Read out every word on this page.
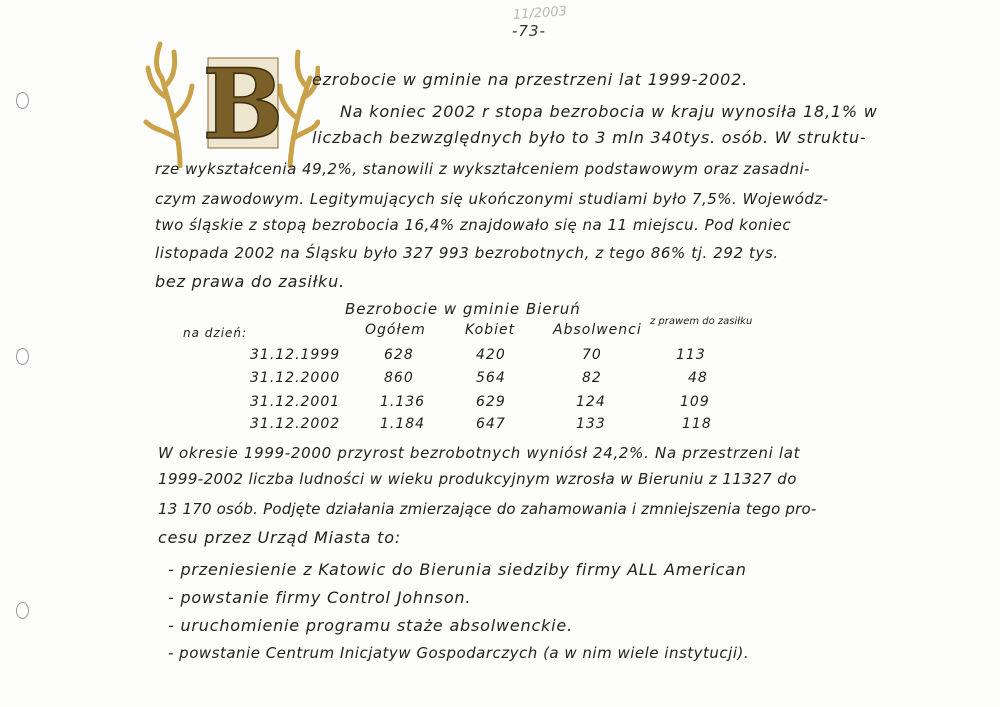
11/2003
-73-
B ezrobocie w gminie na przestrzeni lat 1999-2002.
Na koniec 2002 r stopa bezrobocia w kraju wynosiła 18,1% w
liczbach bezwzględnych było to 3 mln 340tys. osób. W struktu-
rze wykształcenia 49,2%, stanowili z wykształceniem podstawowym oraz zasadni-
czym zawodowym. Legitymujących się ukończonymi studiami było 7,5%. Wojewódz-
two śląskie z stopą bezrobocia 16,4% znajdowało się na 11 miejscu. Pod koniec
listopada 2002 na Śląsku było 327 993 bezrobotnych, z tego 86% tj. 292 tys.
bez prawa do zasiłku.
Bezrobocie w gminie Bieruń
na dzień:	Ogółem	Kobiet	Absolwenci
z prawem do zasiłku
31.12.1999	628	420	70	113
31.12.2000	860	564	82	48
31.12.2001	1.136	629	124	109
31.12.2002	1.184	647	133	118
W okresie 1999-2000 przyrost bezrobotnych wyniósł 24,2%. Na przestrzeni lat
1999-2002 liczba ludności w wieku produkcyjnym wzrosła w Bieruniu z 11327 do
13 170 osób. Podjęte działania zmierzające do zahamowania i zmniejszenia tego pro-
cesu przez Urząd Miasta to:
- przeniesienie z Katowic do Bierunia siedziby firmy ALL American
- powstanie firmy Control Johnson.
- uruchomienie programu staże absolwenckie.
- powstanie Centrum Inicjatyw Gospodarczych (a w nim wiele instytucji).
